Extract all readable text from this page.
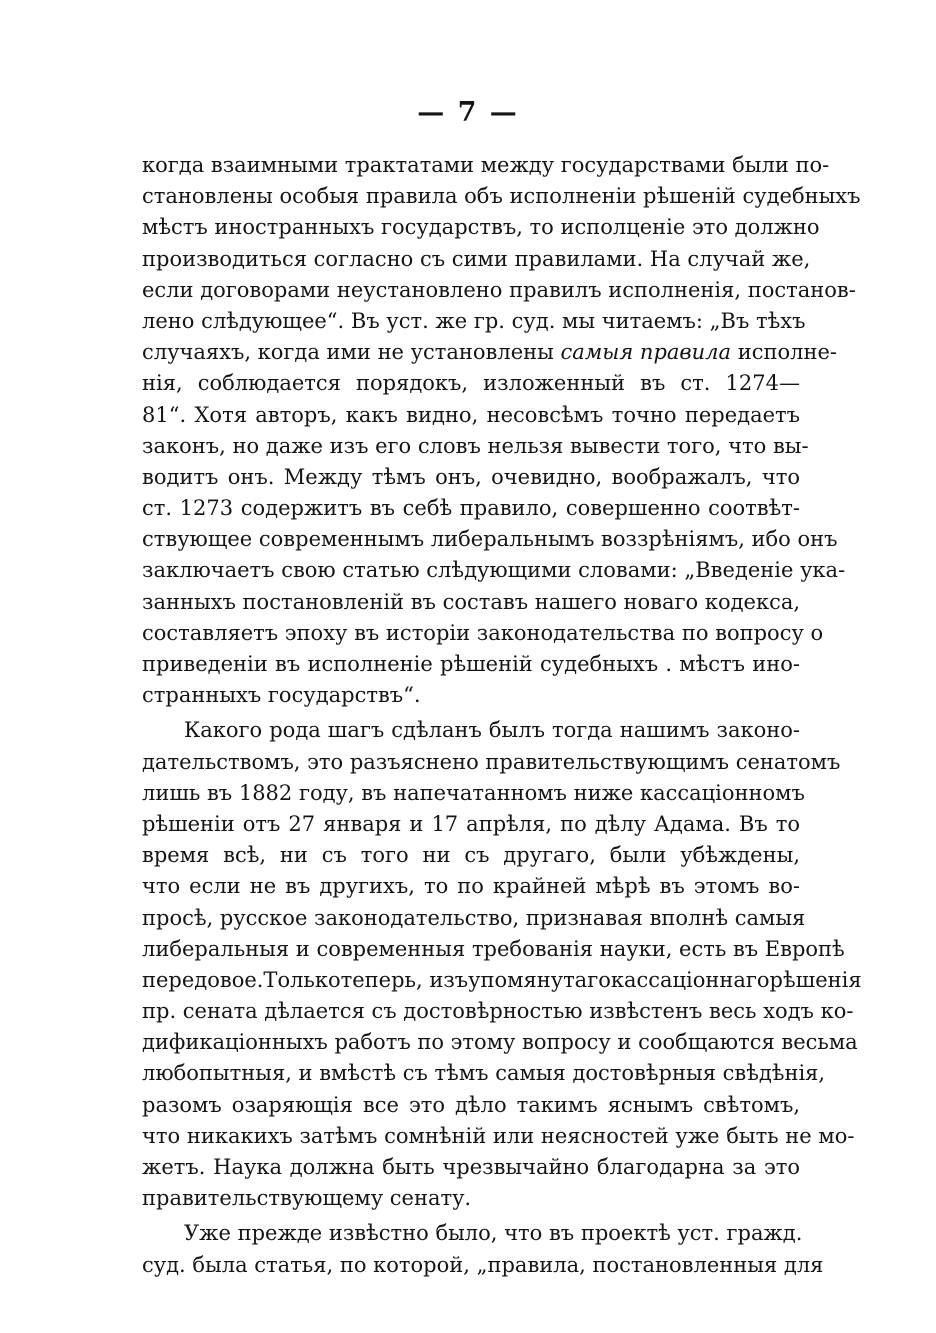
— 7 —
когда взаимными трактатами между государствами были по-
становлены особыя правила объ исполненіи рѣшеній судебныхъ
мѣстъ иностранныхъ государствъ, то исполценіе это должно
производиться согласно съ сими правилами. На случай же,
если договорами неустановлено правилъ исполненія, постанов-
лено слѣдующее“. Въ уст. же гр. суд. мы читаемъ: „Въ тѣхъ
случаяхъ, когда ими не установлены самыя правила исполне-
нія, соблюдается порядокъ, изложенный въ ст. 1274—
81“. Хотя авторъ, какъ видно, несовсѣмъ точно передаетъ
законъ, но даже изъ его словъ нельзя вывести того, что вы-
водитъ онъ. Между тѣмъ онъ, очевидно, воображалъ, что
ст. 1273 содержитъ въ себѣ правило, совершенно соотвѣт-
ствующее современнымъ либеральнымъ воззрѣніямъ, ибо онъ
заключаетъ свою статью слѣдующими словами: „Введеніе ука-
занныхъ постановленій въ составъ нашего новаго кодекса,
составляетъ эпоху въ исторіи законодательства по вопросу о
приведеніи въ исполненіе рѣшеній судебныхъ . мѣстъ ино-
странныхъ государствъ“.
Какого рода шагъ сдѣланъ былъ тогда нашимъ законо-
дательствомъ, это разъяснено правительствующимъ сенатомъ
лишь въ 1882 году, въ напечатанномъ ниже кассаціонномъ
рѣшеніи отъ 27 января и 17 апрѣля, по дѣлу Адама. Въ то
время всѣ, ни съ того ни съ другаго, были убѣждены,
что если не въ другихъ, то по крайней мѣрѣ въ этомъ во-
просѣ, русское законодательство, признавая вполнѣ самыя
либеральныя и современныя требованія науки, есть въ Европѣ
передовое.Толькотеперь, изъупомянутагокассаціоннагорѣшенія
пр. сената дѣлается съ достовѣрностью извѣстенъ весь ходъ ко-
дификаціонныхъ работъ по этому вопросу и сообщаются весьма
любопытныя, и вмѣстѣ съ тѣмъ самыя достовѣрныя свѣдѣнія,
разомъ озаряющія все это дѣло такимъ яснымъ свѣтомъ,
что никакихъ затѣмъ сомнѣній или неясностей уже быть не мо-
жетъ. Наука должна быть чрезвычайно благодарна за это
правительствующему сенату.
Уже прежде извѣстно было, что въ проектѣ уст. гражд.
суд. была статья, по которой, „правила, постановленныя для
